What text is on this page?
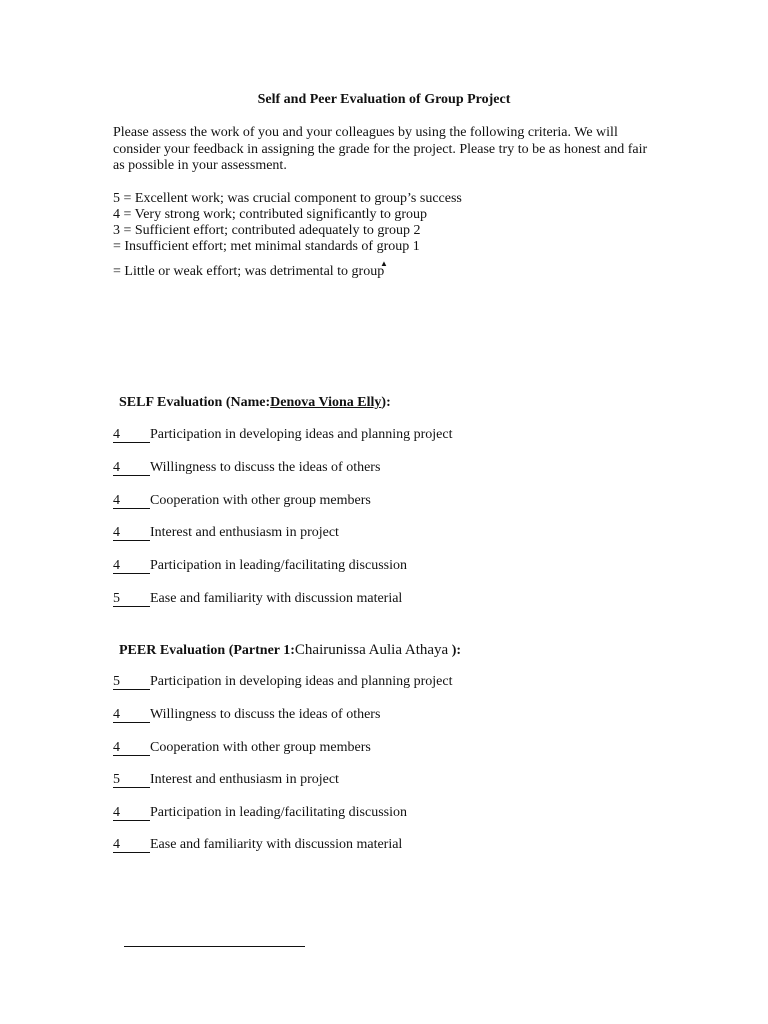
Self and Peer Evaluation of Group Project
Please assess the work of you and your colleagues by using the following criteria. We will consider your feedback in assigning the grade for the project. Please try to be as honest and fair as possible in your assessment.
5 = Excellent work; was crucial component to group’s success
4 = Very strong work; contributed significantly to group
3 = Sufficient effort; contributed adequately to group 2
= Insufficient effort; met minimal standards of group 1
= Little or weak effort; was detrimental to group
▲
SELF Evaluation (Name:Denova Viona Elly):
4	Participation in developing ideas and planning project
4	Willingness to discuss the ideas of others
4	Cooperation with other group members
4	Interest and enthusiasm in project
4	Participation in leading/facilitating discussion
5	Ease and familiarity with discussion material
PEER Evaluation (Partner 1:Chairunissa Aulia Athaya ):
5	Participation in developing ideas and planning project
4	Willingness to discuss the ideas of others
4	Cooperation with other group members
5	Interest and enthusiasm in project
4	Participation in leading/facilitating discussion
4	Ease and familiarity with discussion material
